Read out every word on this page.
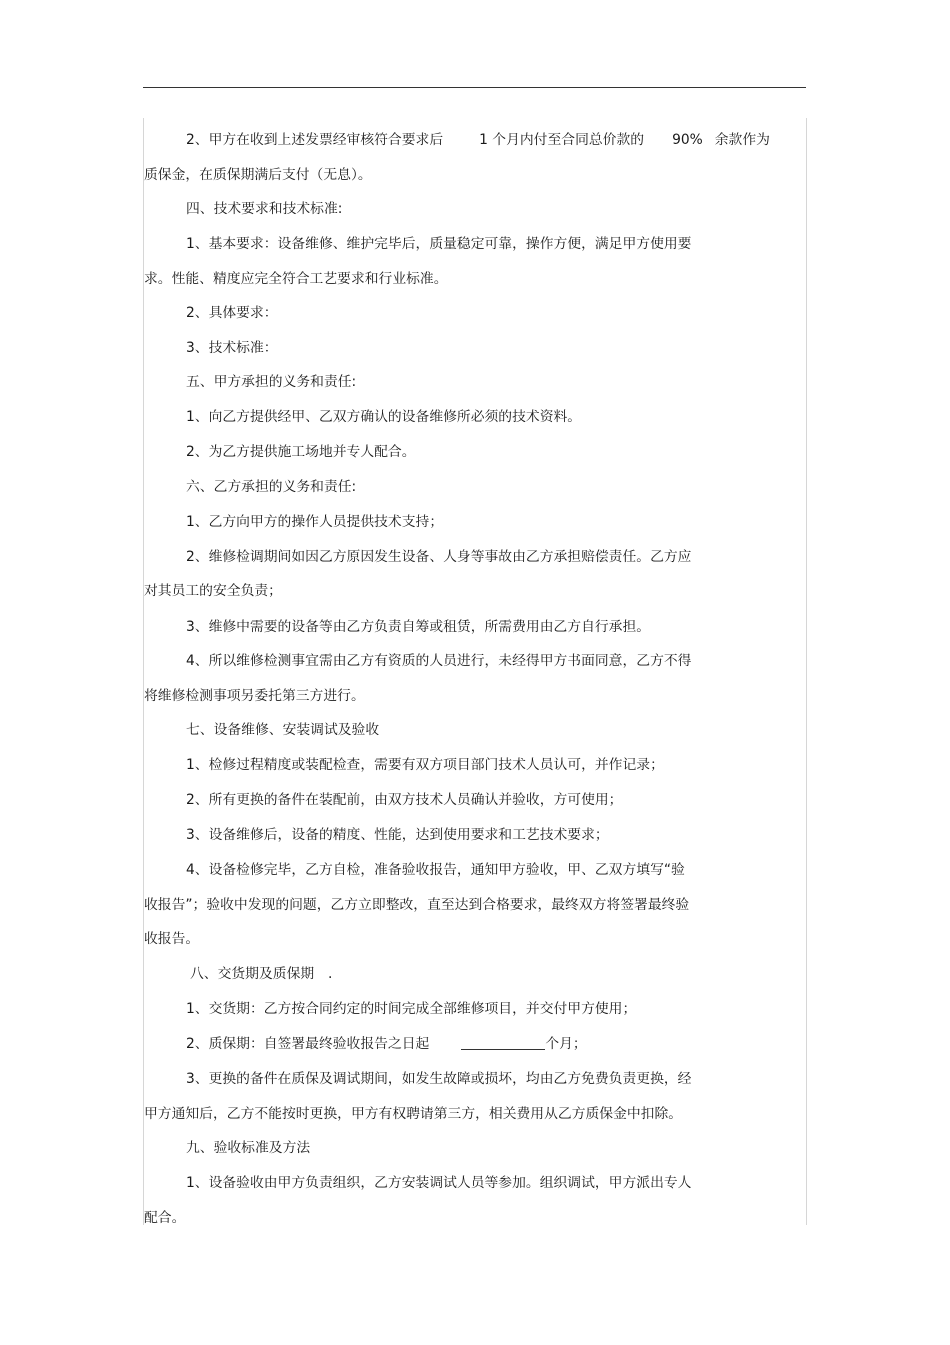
2、甲方在收到上述发票经审核符合要求后	1 个月内付至合同总价款的 90% 余款作为
质保金，在质保期满后支付（无息）。
四、技术要求和技术标准:
1、基本要求：设备维修、维护完毕后，质量稳定可靠，操作方便，满足甲方使用要
求。性能、精度应完全符合工艺要求和行业标准。
2、具体要求：
3、技术标准：
五、甲方承担的义务和责任:
1、向乙方提供经甲、乙双方确认的设备维修所必须的技术资料。
2、为乙方提供施工场地并专人配合。
六、乙方承担的义务和责任:
1、乙方向甲方的操作人员提供技术支持；
2、维修检调期间如因乙方原因发生设备、人身等事故由乙方承担赔偿责任。乙方应
对其员工的安全负责；
3、维修中需要的设备等由乙方负责自筹或租赁，所需费用由乙方自行承担。
4、所以维修检测事宜需由乙方有资质的人员进行，未经得甲方书面同意，乙方不得
将维修检测事项另委托第三方进行。
七、设备维修、安装调试及验收
1、检修过程精度或装配检查，需要有双方项目部门技术人员认可，并作记录；
2、所有更换的备件在装配前，由双方技术人员确认并验收，方可使用；
3、设备维修后，设备的精度、性能，达到使用要求和工艺技术要求；
4、设备检修完毕，乙方自检，准备验收报告，通知甲方验收，甲、乙双方填写“验
收报告”；验收中发现的问题，乙方立即整改，直至达到合格要求，最终双方将签署最终验
收报告。
八、交货期及质保期　.
1、交货期：乙方按合同约定的时间完成全部维修项目，并交付甲方使用；
2、质保期：自签署最终验收报告之日起	个月；
3、更换的备件在质保及调试期间，如发生故障或损坏，均由乙方免费负责更换，经
甲方通知后，乙方不能按时更换，甲方有权聘请第三方，相关费用从乙方质保金中扣除。
九、验收标准及方法
1、设备验收由甲方负责组织，乙方安装调试人员等参加。组织调试，甲方派出专人
配合。
